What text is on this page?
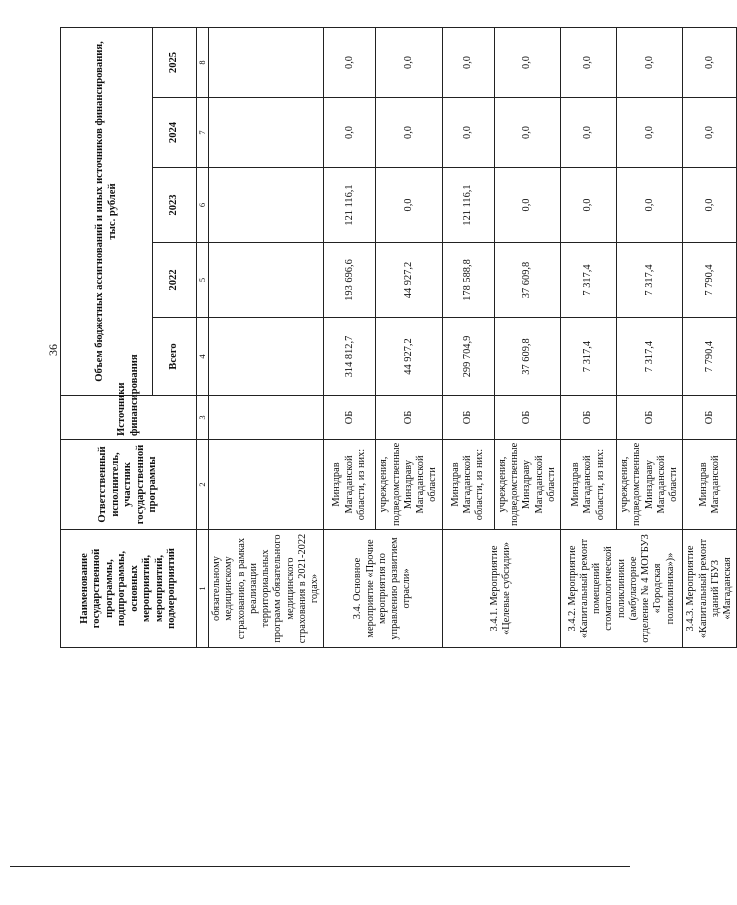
36
Наименование государственной программы, подпрограммы, основных мероприятий, мероприятий, подмероприятий	Ответственный исполнитель, участник государственной программы	Источники финансирования	Объем бюджетных ассигнований и иных источников финансирования, тыс. рублей				
			Всего	2022	2023	2024	2025
1	2	3	4	5	6	7	8
обязательному медицинскому страхованию, в рамках реализации территориальных программ обязательного медицинского страхования в 2021-2022 годах»							
3.4. Основное мероприятие «Прочие мероприятия по управлению развитием отрасли»	Минздрав Магаданской области, из них:	ОБ	314 812,7	193 696,6	121 116,1	0,0	0,0
	учреждения, подведомственные Минздраву Магаданской области	ОБ	44 927,2	44 927,2	0,0	0,0	0,0
3.4.1. Мероприятие «Целевые субсидии»	Минздрав Магаданской области, из них:	ОБ	299 704,9	178 588,8	121 116,1	0,0	0,0
	учреждения, подведомственные Минздраву Магаданской области	ОБ	37 609,8	37 609,8	0,0	0,0	0,0
3.4.2. Мероприятие «Капитальный ремонт помещений стоматологической поликлиники (амбулаторное отделение № 4 МОГБУЗ «Городская поликлиника»)»	Минздрав Магаданской области, из них:	ОБ	7 317,4	7 317,4	0,0	0,0	0,0
	учреждения, подведомственные Минздраву Магаданской области	ОБ	7 317,4	7 317,4	0,0	0,0	0,0
3.4.3. Мероприятие «Капитальный ремонт зданий ГБУЗ «Магаданская	Минздрав Магаданской	ОБ	7 790,4	7 790,4	0,0	0,0	0,0
